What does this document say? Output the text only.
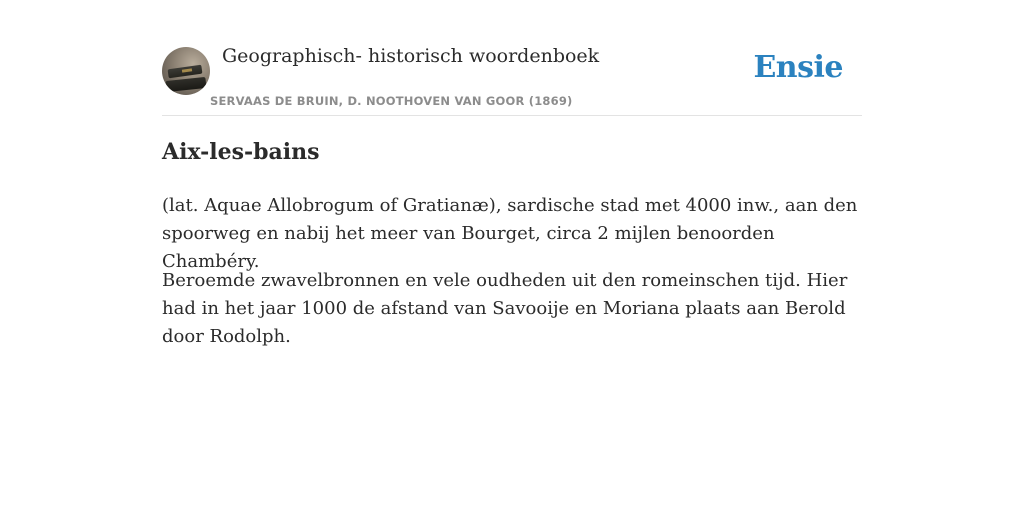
Geographisch- historisch woordenboek
SERVAAS DE BRUIN, D. NOOTHOVEN VAN GOOR (1869)
Ensie
Aix-les-bains

(lat. Aquae Allobrogum of Gratianæ), sardische stad met 4000 inw., aan den spoorweg en nabij het meer van Bourget, circa 2 mijlen benoorden Chambéry.

Beroemde zwavelbronnen en vele oudheden uit den romeinschen tijd. Hier had in het jaar 1000 de afstand van Savooije en Moriana plaats aan Berold door Rodolph.
